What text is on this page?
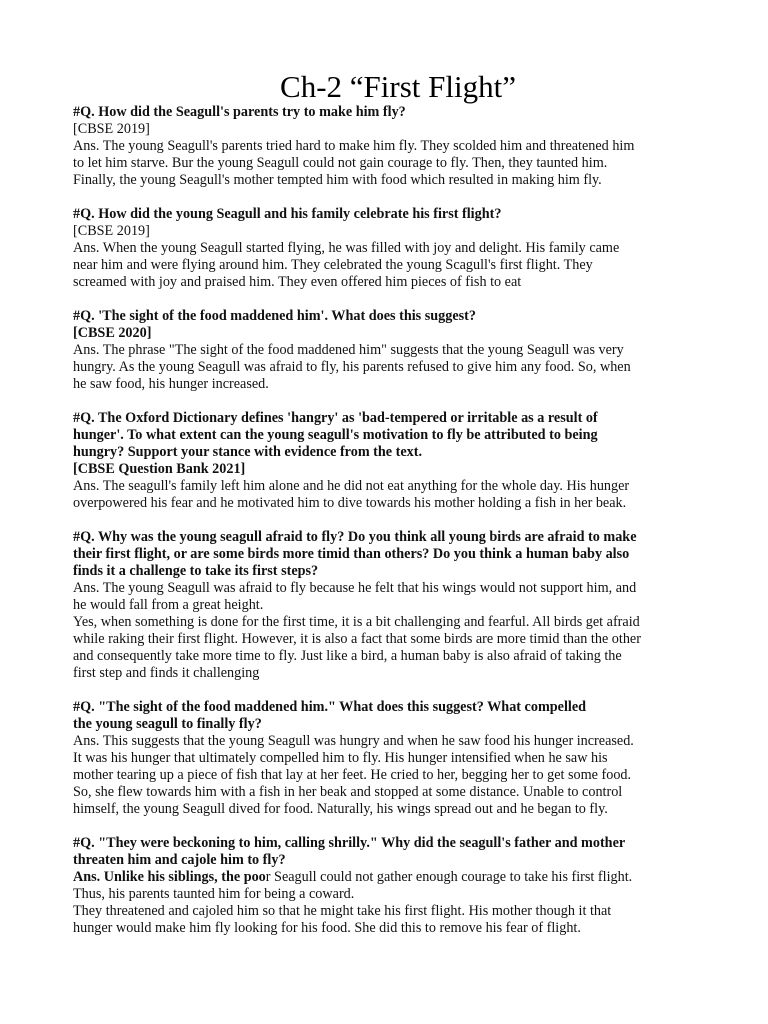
Ch-2 “First Flight”
#Q. How did the Seagull's parents try to make him fly?
[CBSE 2019]
Ans. The young Seagull's parents tried hard to make him fly. They scolded him and threatened him
to let him starve. Bur the young Seagull could not gain courage to fly. Then, they taunted him.
Finally, the young Seagull's mother tempted him with food which resulted in making him fly.
#Q. How did the young Seagull and his family celebrate his first flight?
[CBSE 2019]
Ans. When the young Seagull started flying, he was filled with joy and delight. His family came
near him and were flying around him. They celebrated the young Scagull's first flight. They
screamed with joy and praised him. They even offered him pieces of fish to eat
#Q. 'The sight of the food maddened him'. What does this suggest?
[CBSE 2020]
Ans. The phrase "The sight of the food maddened him" suggests that the young Seagull was very
hungry. As the young Seagull was afraid to fly, his parents refused to give him any food. So, when
he saw food, his hunger increased.
#Q. The Oxford Dictionary defines 'hangry' as 'bad-tempered or irritable as a result of
hunger'. To what extent can the young seagull's motivation to fly be attributed to being
hungry? Support your stance with evidence from the text.
[CBSE Question Bank 2021]
Ans. The seagull's family left him alone and he did not eat anything for the whole day. His hunger
overpowered his fear and he motivated him to dive towards his mother holding a fish in her beak.
#Q. Why was the young seagull afraid to fly? Do you think all young birds are afraid to make
their first flight, or are some birds more timid than others? Do you think a human baby also
finds it a challenge to take its first steps?
Ans. The young Seagull was afraid to fly because he felt that his wings would not support him, and
he would fall from a great height.
Yes, when something is done for the first time, it is a bit challenging and fearful. All birds get afraid
while raking their first flight. However, it is also a fact that some birds are more timid than the other
and consequently take more time to fly. Just like a bird, a human baby is also afraid of taking the
first step and finds it challenging
#Q. "The sight of the food maddened him." What does this suggest? What compelled
the young seagull to finally fly?
Ans. This suggests that the young Seagull was hungry and when he saw food his hunger increased.
It was his hunger that ultimately compelled him to fly. His hunger intensified when he saw his
mother tearing up a piece of fish that lay at her feet. He cried to her, begging her to get some food.
So, she flew towards him with a fish in her beak and stopped at some distance. Unable to control
himself, the young Seagull dived for food. Naturally, his wings spread out and he began to fly.
#Q. "They were beckoning to him, calling shrilly." Why did the seagull's father and mother
threaten him and cajole him to fly?
Ans. Unlike his siblings, the poor Seagull could not gather enough courage to take his first flight.
Thus, his parents taunted him for being a coward.
They threatened and cajoled him so that he might take his first flight. His mother though it that
hunger would make him fly looking for his food. She did this to remove his fear of flight.
